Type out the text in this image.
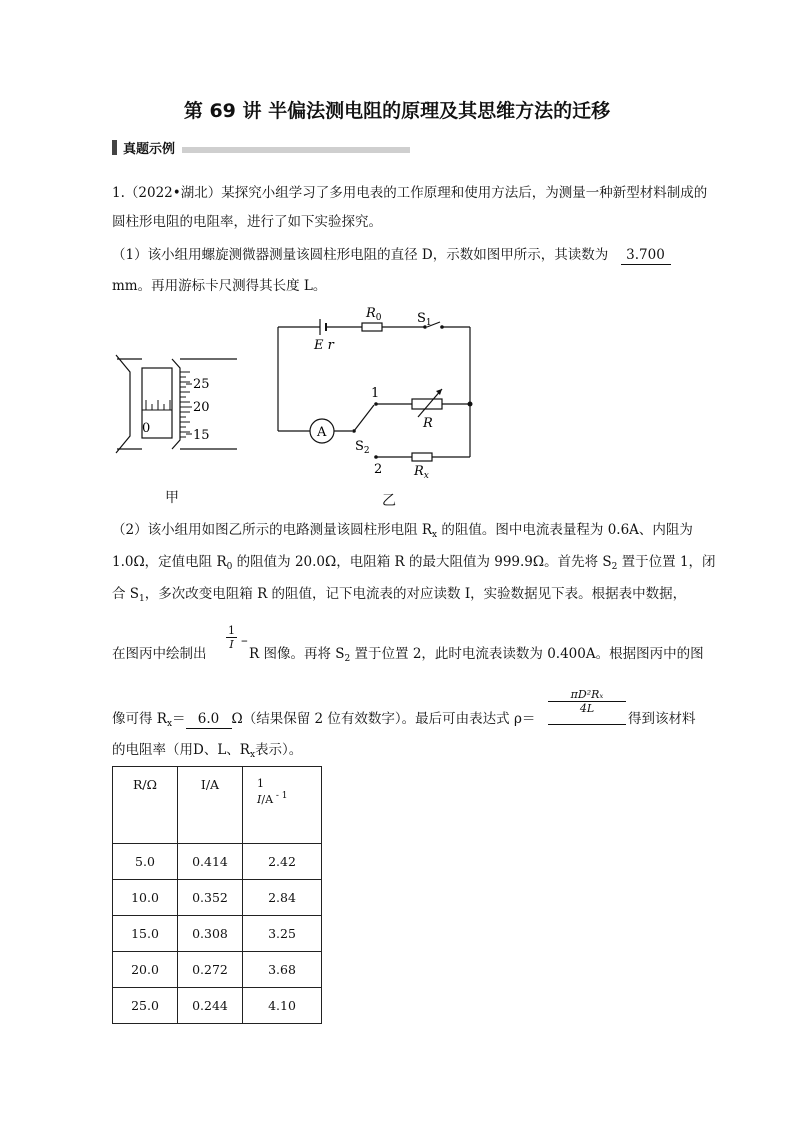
第 69 讲 半偏法测电阻的原理及其思维方法的迁移
真题示例
1.（2022•湖北）某探究小组学习了多用电表的工作原理和使用方法后，为测量一种新型材料制成的
圆柱形电阻的电阻率，进行了如下实验探究。
（1）该小组用螺旋测微器测量该圆柱形电阻的直径 D，示数如图甲所示，其读数为 3.700
mm。再用游标卡尺测得其长度 L。
0
25
20
15
甲
E r
$R_0$	$S_1$
1
R
A
$S_2$
2 $R_x$
乙
（2）该小组用如图乙所示的电路测量该圆柱形电阻 $R_x$ 的阻值。图中电流表量程为 0.6A、内阻为
1.0Ω，定值电阻 $R_0$ 的阻值为 20.0Ω，电阻箱 R 的最大阻值为 999.9Ω。首先将 $S_2$ 置于位置 1，闭
合 $S_1$，多次改变电阻箱 R 的阻值，记下电流表的对应读数 I，实验数据见下表。根据表中数据，
在图丙中绘制出
$\frac{1}{I}$ –
R 图像。再将 $S_2$ 置于位置 2，此时电流表读数为 0.400A。根据图丙中的图
像可得 $R_x= 6.0$ Ω（结果保留 2 位有效数字）。最后可由表达式 ρ＝
$\frac{\text{πD²Rₓ}}{4L}$
得到该材料
的电阻率（用D、L、$R_x$表示）。
R/Ω	I/A	1
I/A $^{- 1}$

5.0	0.414	2.42
10.0	0.352	2.84
15.0	0.308	3.25
20.0	0.272	3.68
25.0	0.244	4.10
